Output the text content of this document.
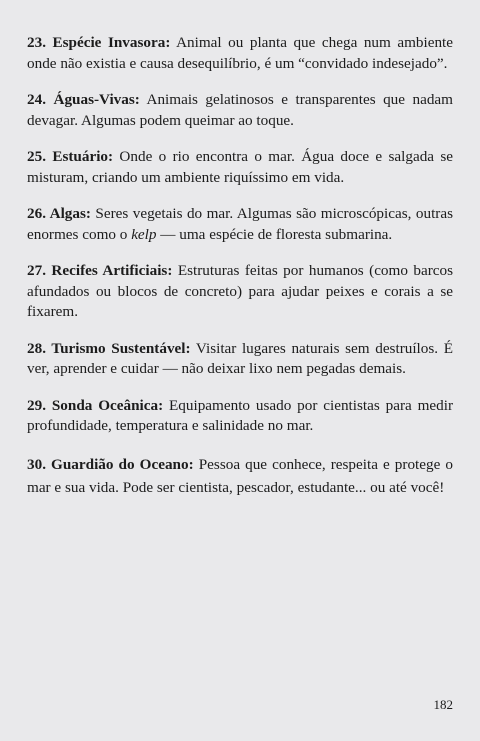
23. Espécie Invasora: Animal ou planta que chega num ambiente onde não existia e causa desequilíbrio, é um “convidado indesejado”.

24. Águas-Vivas: Animais gelatinosos e transparentes que nadam devagar. Algumas podem queimar ao toque.

25. Estuário: Onde o rio encontra o mar. Água doce e salgada se misturam, criando um ambiente riquíssimo em vida.

26. Algas: Seres vegetais do mar. Algumas são microscópicas, outras enormes como o kelp — uma espécie de floresta submarina.

27. Recifes Artificiais: Estruturas feitas por humanos (como barcos afundados ou blocos de concreto) para ajudar peixes e corais a se fixarem.

28. Turismo Sustentável: Visitar lugares naturais sem destruílos. É ver, aprender e cuidar — não deixar lixo nem pegadas demais.

29. Sonda Oceânica: Equipamento usado por cientistas para medir profundidade, temperatura e salinidade no mar.

30. Guardião do Oceano: Pessoa que conhece, respeita e protege o mar e sua vida. Pode ser cientista, pescador, estudante... ou até você!

182
